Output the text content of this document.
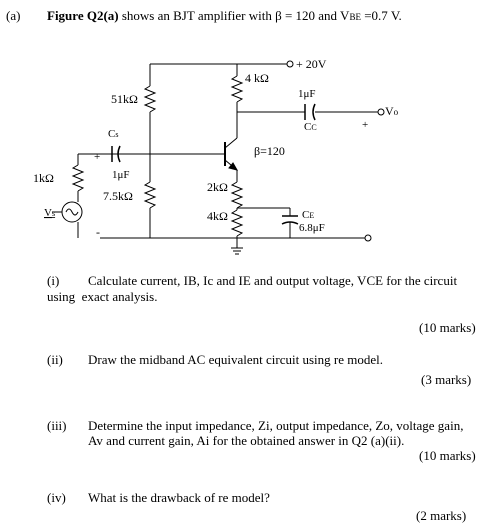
(a) Figure Q2(a) shows an BJT amplifier with β = 120 and VBE =0.7 V.
+ 20V
4 kΩ
51kΩ	1μF
Vo
CC	+
Cs
+	β=120
1μF
1kΩ
2kΩ
7.5kΩ
4kΩ	CE
6.8μF
Vs
-
(i) Calculate current, IB, Ic and IE and output voltage, VCE for the circuit
using exact analysis.
(10 marks)
(ii) Draw the midband AC equivalent circuit using re model.
(3 marks)
(iii) Determine the input impedance, Zi, output impedance, Zo, voltage gain,
Av and current gain, Ai for the obtained answer in Q2 (a)(ii).
(10 marks)
(iv) What is the drawback of re model?
(2 marks)
